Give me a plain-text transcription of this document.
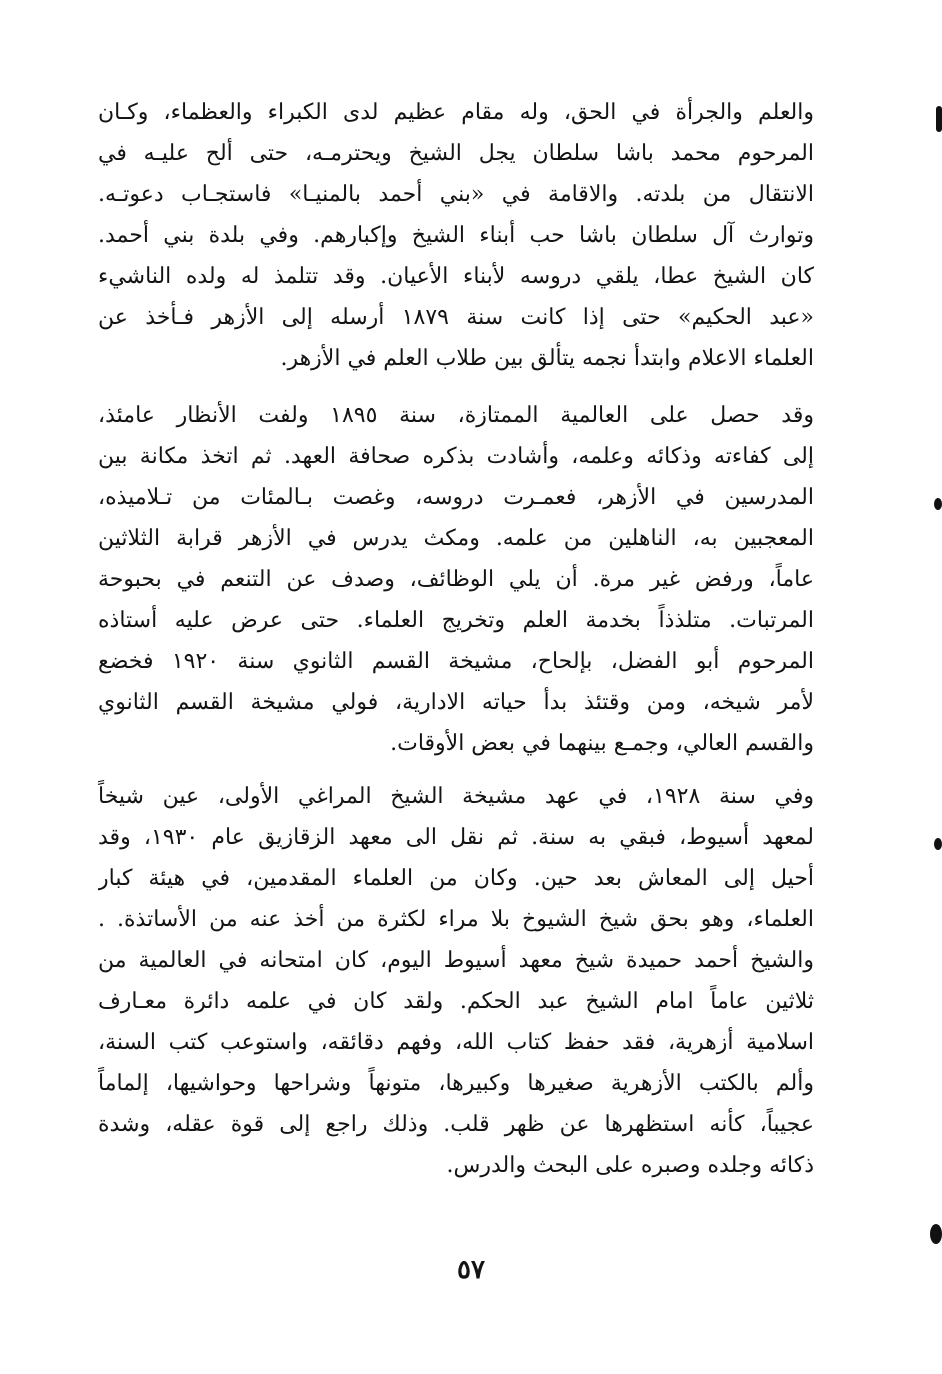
والعلم والجرأة في الحق، وله مقام عظيم لدى الكبراء والعظماء، وكـان
المرحوم محمد باشا سلطان يجل الشيخ ويحترمـه، حتى ألح عليـه في
الانتقال من بلدته. والاقامة في «بني أحمد بالمنيـا» فاستجـاب دعوتـه.
وتوارث آل سلطان باشا حب أبناء الشيخ وإكبارهم. وفي بلدة بني أحمد.
كان الشيخ عطا، يلقي دروسه لأبناء الأعيان. وقد تتلمذ له ولده الناشيء
«عبد الحكيم» حتى إذا كانت سنة ١٨٧٩ أرسله إلى الأزهر فـأخذ عن
العلماء الاعلام وابتدأ نجمه يتألق بين طلاب العلم في الأزهر.
وقد حصل على العالمية الممتازة، سنة ١٨٩٥ ولفت الأنظار عامئذ،
إلى كفاءته وذكائه وعلمه، وأشادت بذكره صحافة العهد. ثم اتخذ مكانة بين
المدرسين في الأزهر، فعمـرت دروسه، وغصت بـالمئات من تـلاميذه،
المعجبين به، الناهلين من علمه. ومكث يدرس في الأزهر قرابة الثلاثين
عاماً، ورفض غير مرة. أن يلي الوظائف، وصدف عن التنعم في بحبوحة
المرتبات. متلذذاً بخدمة العلم وتخريج العلماء. حتى عرض عليه أستاذه
المرحوم أبو الفضل، بإلحاح، مشيخة القسم الثانوي سنة ١٩٢٠ فخضع
لأمر شيخه، ومن وقتئذ بدأ حياته الادارية، فولي مشيخة القسم الثانوي
والقسم العالي، وجمـع بينهما في بعض الأوقات.
وفي سنة ١٩٢٨، في عهد مشيخة الشيخ المراغي الأولى، عين شيخاً
لمعهد أسيوط، فبقي به سنة. ثم نقل الى معهد الزقازيق عام ١٩٣٠، وقد
أحيل إلى المعاش بعد حين. وكان من العلماء المقدمين، في هيئة كبار
العلماء، وهو بحق شيخ الشيوخ بلا مراء لكثرة من أخذ عنه من الأساتذة. .
والشيخ أحمد حميدة شيخ معهد أسيوط اليوم، كان امتحانه في العالمية من
ثلاثين عاماً امام الشيخ عبد الحكم. ولقد كان في علمه دائرة معـارف
اسلامية أزهرية، فقد حفظ كتاب الله، وفهم دقائقه، واستوعب كتب السنة،
وألم بالكتب الأزهرية صغيرها وكبيرها، متونهاً وشراحها وحواشيها، إلماماً
عجيباً، كأنه استظهرها عن ظهر قلب. وذلك راجع إلى قوة عقله، وشدة
ذكائه وجلده وصبره على البحث والدرس.
٥٧
